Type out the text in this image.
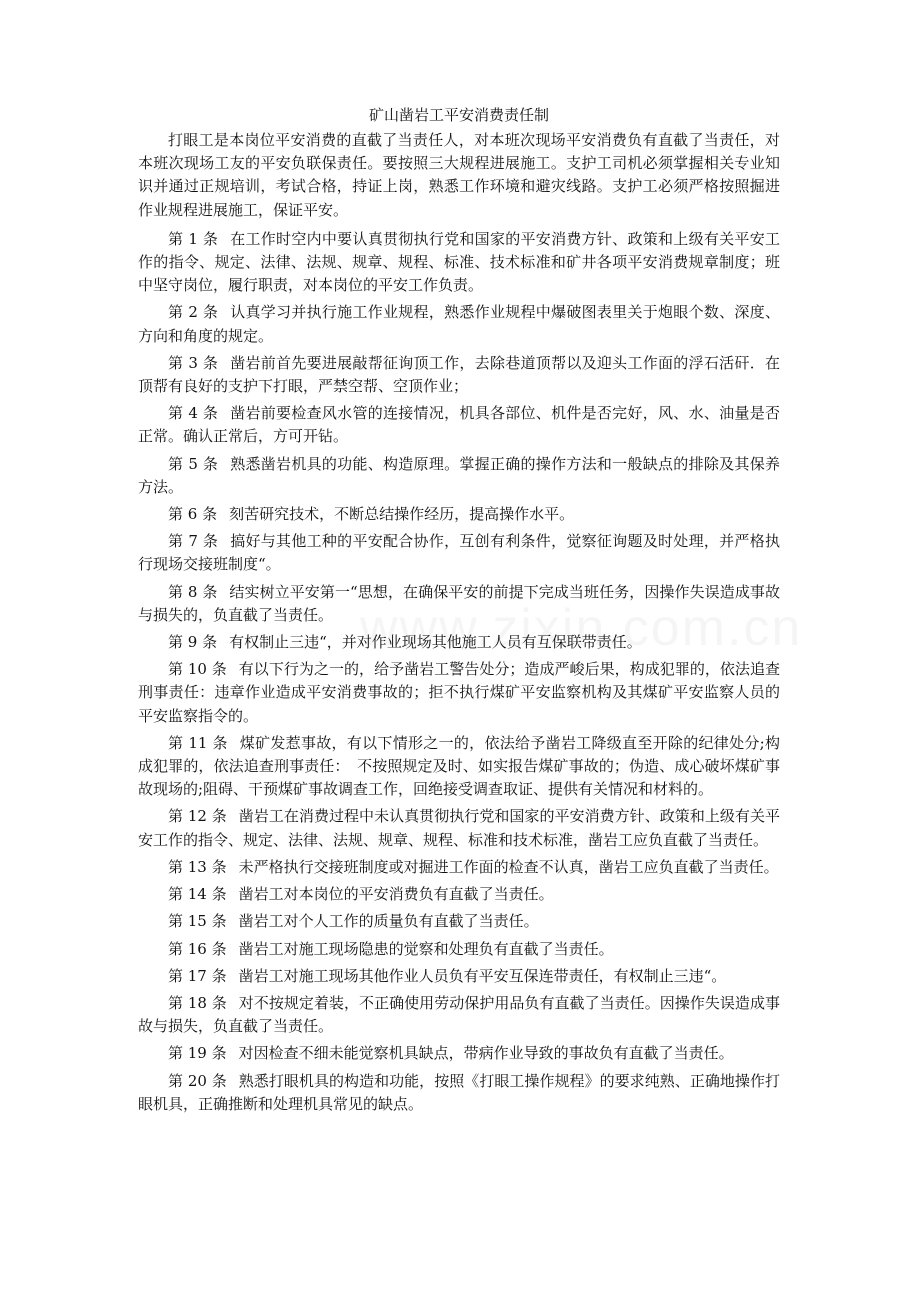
矿山凿岩工平安消费责任制

打眼工是本岗位平安消费的直截了当责任人，对本班次现场平安消费负有直截了当责任，对本班次现场工友的平安负联保责任。要按照三大规程进展施工。支护工司机必须掌握相关专业知识并通过正规培训，考试合格，持证上岗，熟悉工作环境和避灾线路。支护工必须严格按照掘进作业规程进展施工，保证平安。

第 1 条 在工作时空内中要认真贯彻执行党和国家的平安消费方针、政策和上级有关平安工作的指令、规定、法律、法规、规章、规程、标准、技术标准和矿井各项平安消费规章制度；班中坚守岗位，履行职责，对本岗位的平安工作负责。

第 2 条 认真学习并执行施工作业规程，熟悉作业规程中爆破图表里关于炮眼个数、深度、方向和角度的规定。

第 3 条 凿岩前首先要进展敲帮征询顶工作，去除巷道顶帮以及迎头工作面的浮石活矸．在顶帮有良好的支护下打眼，严禁空帮、空顶作业；

第 4 条 凿岩前要检查风水管的连接情况，机具各部位、机件是否完好，风、水、油量是否正常。确认正常后，方可开钻。

第 5 条 熟悉凿岩机具的功能、构造原理。掌握正确的操作方法和一般缺点的排除及其保养方法。

第 6 条 刻苦研究技术，不断总结操作经历，提高操作水平。

第 7 条 搞好与其他工种的平安配合协作，互创有利条件，觉察征询题及时处理，并严格执行现场交接班制度“。

第 8 条 结实树立平安第一“思想，在确保平安的前提下完成当班任务，因操作失误造成事故与损失的，负直截了当责任。

第 9 条 有权制止三违“，并对作业现场其他施工人员有互保联带责任。

第 10 条 有以下行为之一的，给予凿岩工警告处分；造成严峻后果，构成犯罪的，依法追查刑事责任：违章作业造成平安消费事故的；拒不执行煤矿平安监察机构及其煤矿平安监察人员的平安监察指令的。

第 11 条 煤矿发惹事故，有以下情形之一的，依法给予凿岩工降级直至开除的纪律处分;构成犯罪的，依法追查刑事责任：　不按照规定及时、如实报告煤矿事故的；伪造、成心破坏煤矿事故现场的;阻碍、干预煤矿事故调查工作，回绝接受调查取证、提供有关情况和材料的。

第 12 条 凿岩工在消费过程中未认真贯彻执行党和国家的平安消费方针、政策和上级有关平安工作的指令、规定、法律、法规、规章、规程、标准和技术标准，凿岩工应负直截了当责任。

第 13 条 未严格执行交接班制度或对掘进工作面的检查不认真，凿岩工应负直截了当责任。

第 14 条 凿岩工对本岗位的平安消费负有直截了当责任。

第 15 条 凿岩工对个人工作的质量负有直截了当责任。

第 16 条 凿岩工对施工现场隐患的觉察和处理负有直截了当责任。

第 17 条 凿岩工对施工现场其他作业人员负有平安互保连带责任，有权制止三违“。

第 18 条 对不按规定着装，不正确使用劳动保护用品负有直截了当责任。因操作失误造成事故与损失，负直截了当责任。

第 19 条 对因检查不细未能觉察机具缺点，带病作业导致的事故负有直截了当责任。

第 20 条 熟悉打眼机具的构造和功能，按照《打眼工操作规程》的要求纯熟、正确地操作打眼机具，正确推断和处理机具常见的缺点。
